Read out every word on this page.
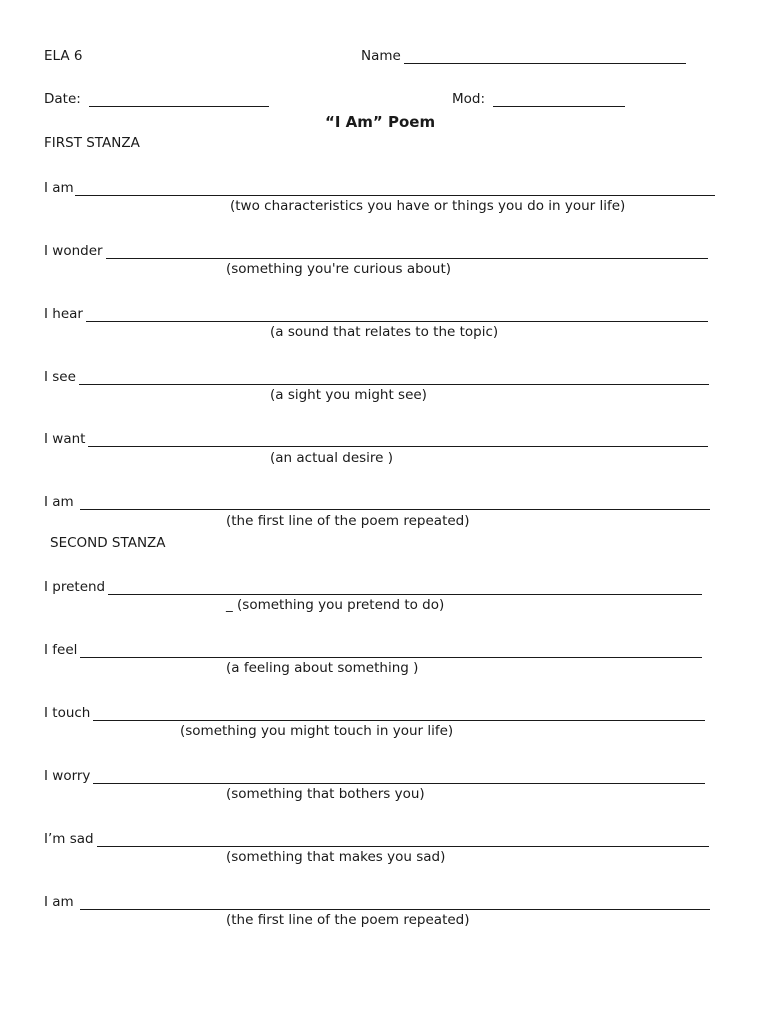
ELA 6	Name
Date:	Mod:
“I Am” Poem
FIRST STANZA
I am
(two characteristics you have or things you do in your life)
I wonder
(something you're curious about)
I hear
(a sound that relates to the topic)
I see
(a sight you might see)
I want
(an actual desire )
I am
(the first line of the poem repeated)
SECOND STANZA
I pretend
_ (something you pretend to do)
I feel
(a feeling about something )
I touch
(something you might touch in your life)
I worry
(something that bothers you)
I’m sad
(something that makes you sad)
I am
(the first line of the poem repeated)
